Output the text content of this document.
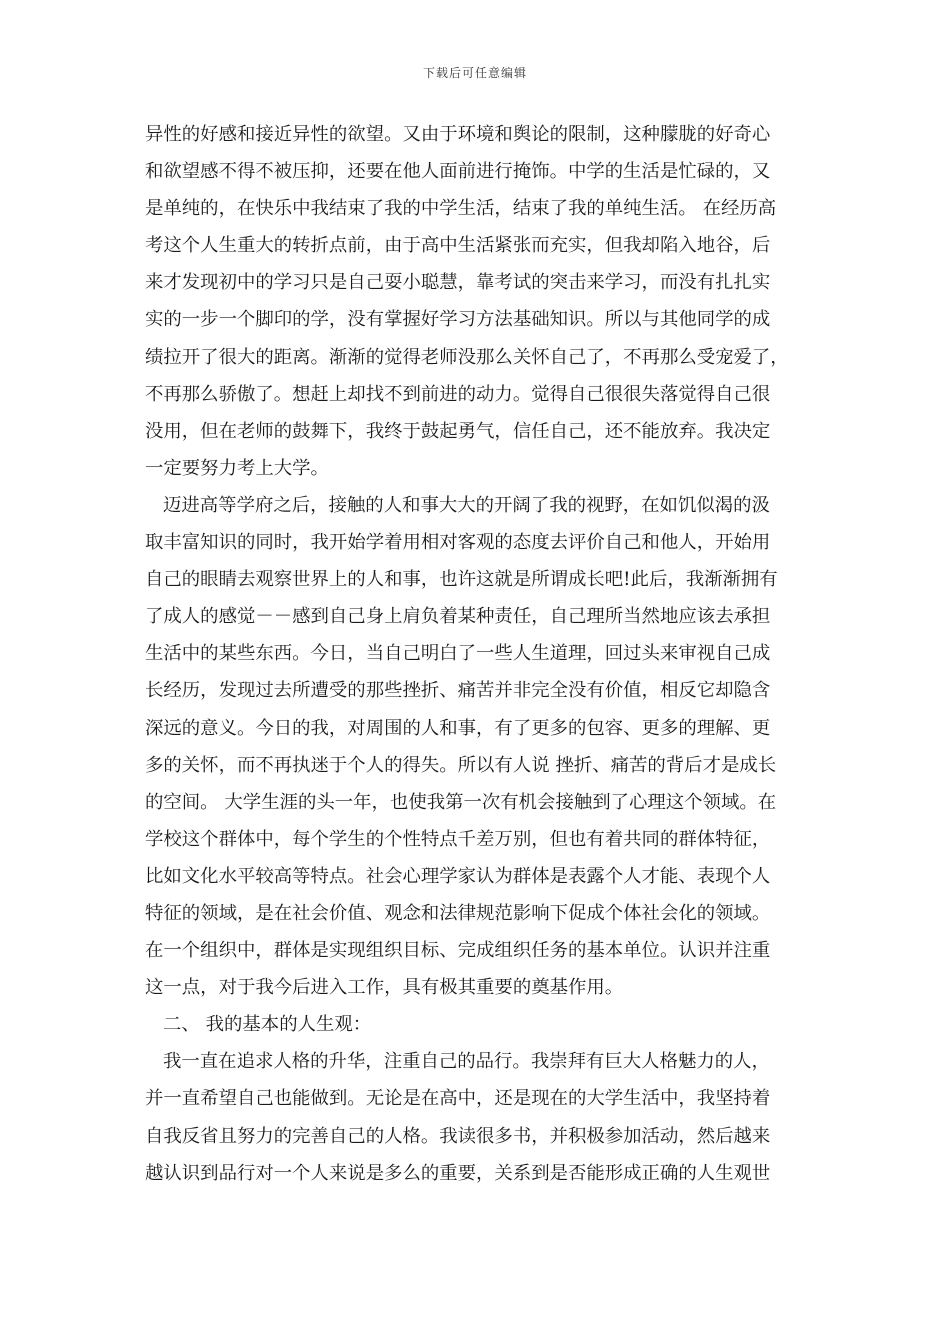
下载后可任意编辑
异性的好感和接近异性的欲望。又由于环境和舆论的限制，这种朦胧的好奇心
和欲望感不得不被压抑，还要在他人面前进行掩饰。中学的生活是忙碌的，又
是单纯的，在快乐中我结束了我的中学生活，结束了我的单纯生活。 在经历高
考这个人生重大的转折点前，由于高中生活紧张而充实，但我却陷入地谷，后
来才发现初中的学习只是自己耍小聪慧，靠考试的突击来学习，而没有扎扎实
实的一步一个脚印的学，没有掌握好学习方法基础知识。所以与其他同学的成
绩拉开了很大的距离。渐渐的觉得老师没那么关怀自己了，不再那么受宠爱了，
不再那么骄傲了。想赶上却找不到前进的动力。觉得自己很很失落觉得自己很
没用，但在老师的鼓舞下，我终于鼓起勇气，信任自己，还不能放弃。我决定
一定要努力考上大学。
迈进高等学府之后，接触的人和事大大的开阔了我的视野，在如饥似渴的汲
取丰富知识的同时，我开始学着用相对客观的态度去评价自己和他人，开始用
自己的眼睛去观察世界上的人和事，也许这就是所谓成长吧!此后，我渐渐拥有
了成人的感觉－－感到自己身上肩负着某种责任，自己理所当然地应该去承担
生活中的某些东西。今日，当自己明白了一些人生道理，回过头来审视自己成
长经历，发现过去所遭受的那些挫折、痛苦并非完全没有价值，相反它却隐含
深远的意义。今日的我，对周围的人和事，有了更多的包容、更多的理解、更
多的关怀，而不再执迷于个人的得失。所以有人说 挫折、痛苦的背后才是成长
的空间。 大学生涯的头一年，也使我第一次有机会接触到了心理这个领域。在
学校这个群体中，每个学生的个性特点千差万别，但也有着共同的群体特征，
比如文化水平较高等特点。社会心理学家认为群体是表露个人才能、表现个人
特征的领域，是在社会价值、观念和法律规范影响下促成个体社会化的领域。
在一个组织中，群体是实现组织目标、完成组织任务的基本单位。认识并注重
这一点，对于我今后进入工作，具有极其重要的奠基作用。
二、 我的基本的人生观：
我一直在追求人格的升华，注重自己的品行。我崇拜有巨大人格魅力的人，
并一直希望自己也能做到。无论是在高中，还是现在的大学生活中，我坚持着
自我反省且努力的完善自己的人格。我读很多书，并积极参加活动，然后越来
越认识到品行对一个人来说是多么的重要，关系到是否能形成正确的人生观世
